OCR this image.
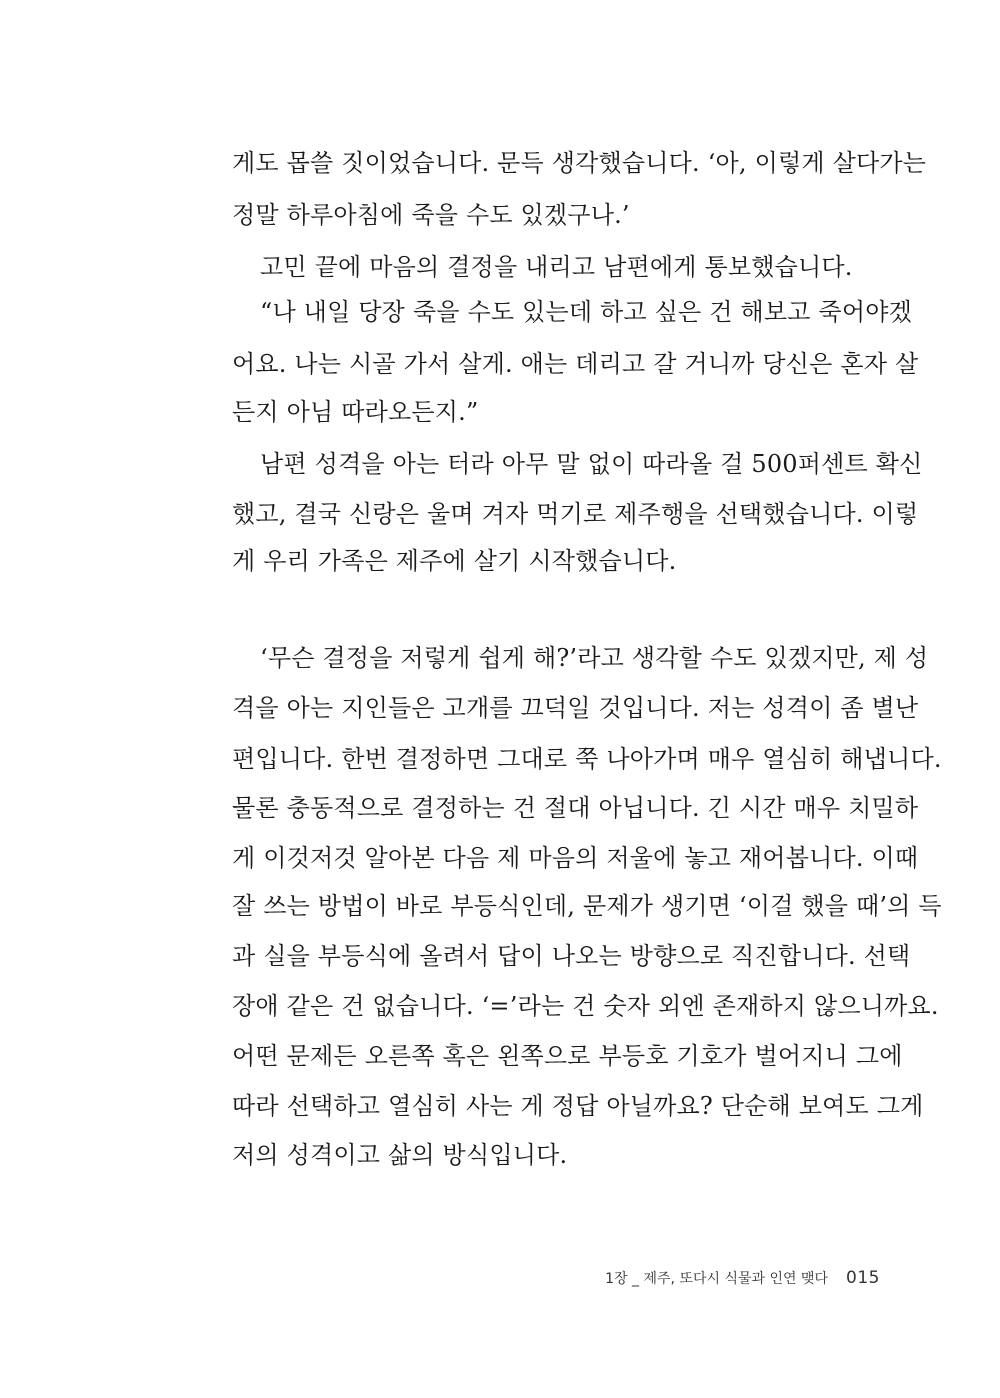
게도 몹쓸 짓이었습니다. 문득 생각했습니다. ‘아, 이렇게 살다가는
정말 하루아침에 죽을 수도 있겠구나.’
고민 끝에 마음의 결정을 내리고 남편에게 통보했습니다.
“나 내일 당장 죽을 수도 있는데 하고 싶은 건 해보고 죽어야겠
어요. 나는 시골 가서 살게. 애는 데리고 갈 거니까 당신은 혼자 살
든지 아님 따라오든지.”
남편 성격을 아는 터라 아무 말 없이 따라올 걸 500퍼센트 확신
했고, 결국 신랑은 울며 겨자 먹기로 제주행을 선택했습니다. 이렇
게 우리 가족은 제주에 살기 시작했습니다.
‘무슨 결정을 저렇게 쉽게 해?’라고 생각할 수도 있겠지만, 제 성
격을 아는 지인들은 고개를 끄덕일 것입니다. 저는 성격이 좀 별난
편입니다. 한번 결정하면 그대로 쭉 나아가며 매우 열심히 해냅니다.
물론 충동적으로 결정하는 건 절대 아닙니다. 긴 시간 매우 치밀하
게 이것저것 알아본 다음 제 마음의 저울에 놓고 재어봅니다. 이때
잘 쓰는 방법이 바로 부등식인데, 문제가 생기면 ‘이걸 했을 때’의 득
과 실을 부등식에 올려서 답이 나오는 방향으로 직진합니다. 선택
장애 같은 건 없습니다. ‘=’라는 건 숫자 외엔 존재하지 않으니까요.
어떤 문제든 오른쪽 혹은 왼쪽으로 부등호 기호가 벌어지니 그에
따라 선택하고 열심히 사는 게 정답 아닐까요? 단순해 보여도 그게
저의 성격이고 삶의 방식입니다.
1장 _ 제주, 또다시 식물과 인연 맺다 015
